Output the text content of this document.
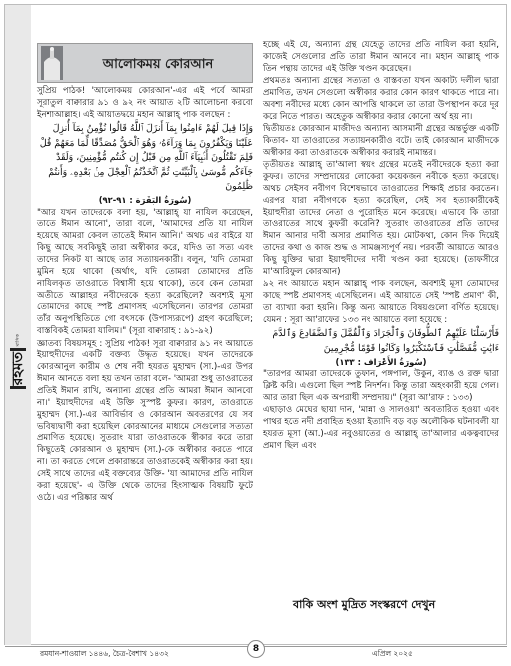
মাসিক
রহমত

সুপ্রিয় পাঠক! 'আলোকময় কোরআন'-এর এই পর্বে আমরা সূরাতুল বাক্বারার ৯১ ও ৯২ নং আয়াত ২টি আলোচনা করবো ইনশাআল্লাহ। এই আয়াতদ্বয়ে মহান আল্লাহ্‌ পাক বলছেন :

وَإِذَا قِيلَ لَهُمْ ءَامِنُوا بِمَآ أَنزَلَ ٱللَّهُ قَالُوا نُؤْمِنُ بِمَآ أُنزِلَ عَلَيْنَا وَيَكْفُرُونَ بِمَا وَرَآءَهُۥ وَهُوَ ٱلْحَقُّ مُصَدِّقًا لِّمَا مَعَهُمْ قُلْ فَلِمَ تَقْتُلُونَ أَنۢبِيَآءَ ٱللَّهِ مِن قَبْلُ إِن كُنتُم مُّؤْمِنِينَ، وَلَقَدْ جَآءَكُم مُّوسَىٰ بِٱلْبَيِّنَٰتِ ثُمَّ ٱتَّخَذْتُمُ ٱلْعِجْلَ مِنۢ بَعْدِهِۦ وَأَنتُمْ ظَٰلِمُونَ

(سُورَةُ البَقَرَة : ٩١-٩٢)

"আর যখন তাদেরকে বলা হয়, 'আল্লাহ্‌ যা নাযিল করেছেন, তাতে ঈমান আনো', তারা বলে, 'আমাদের প্রতি যা নাযিল হয়েছে আমরা কেবল তাতেই ঈমান আনি।' অথচ এর বাইরে যা কিছু আছে সবকিছুই তারা অস্বীকার করে, যদিও তা সত্য এবং তাদের নিকট যা আছে তার সত্যায়নকারী। বলুন, 'যদি তোমরা মুমিন হয়ে থাকো (অর্থাৎ, যদি তোমরা তোমাদের প্রতি নাযিলকৃত তাওরাতে বিশ্বাসী হয়ে থাকো), তবে কেন তোমরা অতীতে আল্লাহর নবীদেরকে হত্যা করেছিলে? অবশ্যই মূসা তোমাদের কাছে স্পষ্ট প্রমাণসহ এসেছিলেন। তারপর তোমরা তাঁর অনুপস্থিতিতে গো বৎসকে (উপাস্যরূপে) গ্রহণ করেছিলে; বাস্তবিকই তোমরা যালিম।" (সূরা বাক্বারাহ : ৯১-৯২)

জ্ঞাতব্য বিষয়সমূহ : সুপ্রিয় পাঠক! সূরা বাক্বারার ৯১ নং আয়াতে ইয়াহুদীদের একটি বক্তব্য উদ্ধৃত হয়েছে। যখন তাদেরকে কোরআনুল কারীম ও শেষ নবী হযরত মুহাম্মদ (সা.)-এর উপর ঈমান আনতে বলা হয় তখন তারা বলে- 'আমরা শুধু তাওরাতের প্রতিই ঈমান রাখি, অন্যান্য গ্রন্থের প্রতি আমরা ঈমান আনবো না।' ইয়াহুদীদের এই উক্তি সুস্পষ্ট কুফর। কারণ, তাওরাতে মুহাম্মদ (সা.)-এর আবির্ভাব ও কোরআন অবতরণের যে সব ভবিষ্যদ্বাণী করা হয়েছিল কোরআনের মাধ্যমে সেগুলোর সত্যতা প্রমাণিত হয়েছে। সুতরাং যারা তাওরাতকে স্বীকার করে তারা কিছুতেই কোরআন ও মুহাম্মদ (সা.)-কে অস্বীকার করতে পারে না। তা করতে গেলে প্রকারান্তরে তাওরাতকেই অস্বীকার করা হয়। সেই সাথে তাদের এই বক্তব্যের উক্তি- 'যা আমাদের প্রতি নাযিল করা হয়েছে'- এ উক্তি থেকে তাদের হিংসাত্মক বিষয়টি ফুটে ওঠে। এর পরিষ্কার অর্থ

আলোকময় কোরআন

হচ্ছে এই যে, অন্যান্য গ্রন্থ যেহেতু তাদের প্রতি নাযিল করা হয়নি, কাজেই সেগুলোর প্রতি তারা ঈমান আনবে না। মহান আল্লাহ্‌ পাক তিন পন্থায় তাদের এই উক্তি খণ্ডন করেছেন।

প্রথমতঃ অন্যান্য গ্রন্থের সত্যতা ও বাস্তবতা যখন অকাট্য দলীল দ্বারা প্রমাণিত, তখন সেগুলো অস্বীকার করার কোন কারণ থাকতে পারে না। অবশ্য নবীদের মধ্যে কোন আপত্তি থাকলে তা তারা উপস্থাপন করে দূর করে নিতে পারত। অহেতুক অস্বীকার করার কোনো অর্থ হয় না।

দ্বিতীয়তঃ কোরআন মাজীদও অন্যান্য আসমানী গ্রন্থের অন্তর্ভুক্ত একটি কিতাব- যা তাওরাতের সত্যায়নকারীও বটে। তাই কোরআন মাজীদকে অস্বীকার করা তাওরাতকে অস্বীকার করারই নামান্তর।

তৃতীয়তঃ আল্লাহ্‌ তা'আলা স্বয়ং গ্রন্থের মতেই নবীদেরকে হত্যা করা কুফর। তাদের সম্প্রদায়ের লোকেরা কয়েকজন নবীকে হত্যা করেছে। অথচ সেইসব নবীগণ বিশেষভাবে তাওরাতের শিক্ষাই প্রচার করতেন। এরপর যারা নবীগণকে হত্যা করেছিল, সেই সব হত্যাকারীকেই ইয়াহুদীরা তাদের নেতা ও পুরোহিত মনে করেছে। এভাবে কি তারা তাওরাতের সাথে কুফরী করেনি? সুতরাং তাওরাতের প্রতি তাদের ঈমান আনার দাবী অসার প্রমাণিত হয়। মোটকথা, কোন দিক দিয়েই তাদের কথা ও কাজ শুদ্ধ ও সামঞ্জস্যপূর্ণ নয়। পরবর্তী আয়াতে আরও কিছু যুক্তির দ্বারা ইয়াহুদীদের দাবী খণ্ডন করা হয়েছে। (তাফসীরে মা'আরিফুল কোরআন)

৯২ নং আয়াতে মহান আল্লাহ্‌ পাক বলছেন, অবশ্যই মূসা তোমাদের কাছে স্পষ্ট প্রমাণসহ এসেছিলেন। এই আয়াতে সেই 'স্পষ্ট প্রমাণ' কী, তা ব্যাখ্যা করা হয়নি। কিন্তু অন্য আয়াতে বিষয়গুলো বর্ণিত হয়েছে। যেমন : সূরা আ'রাফের ১৩৩ নং আয়াতে বলা হয়েছে :

فَأَرْسَلْنَا عَلَيْهِمُ ٱلطُّوفَانَ وَٱلْجَرَادَ وَٱلْقُمَّلَ وَٱلضَّفَادِعَ وَٱلدَّمَ ءَايَٰتٍ مُّفَصَّلَٰتٍ فَٱسْتَكْبَرُوا وَكَانُوا قَوْمًا مُّجْرِمِينَ

(سُورَةُ الأَعْرَاف : ١٣٣)

"তারপর আমরা তাদেরকে তুফান, পঙ্গপাল, উকুন, ব্যাঙ ও রক্ত দ্বারা ক্লিষ্ট করি। এগুলো ছিল স্পষ্ট নিদর্শন। কিন্তু তারা অহংকারী হয়ে গেল। আর তারা ছিল এক অপরাধী সম্প্রদায়।" (সূরা আ'রাফ : ১৩৩)

এছাড়াও মেঘের ছায়া দান, 'মান্না ও সালওয়া' অবতারিত হওয়া এবং পাথর হতে নদী প্রবাহিত হওয়া ইত্যাদি বড় বড় অলৌকিক ঘটনাবলী যা হযরত মূসা (আ.)-এর নবুওয়াতের ও আল্লাহ্‌ তা'আলার একত্ববাদের প্রমাণ ছিল এবং

বাকি অংশ মুদ্রিত সংস্করণে দেখুন
রমযান-শাওয়াল ১৪৪৬, চৈত্র-বৈশাখ ১৪৩২	8	এপ্রিল ২০২৫
